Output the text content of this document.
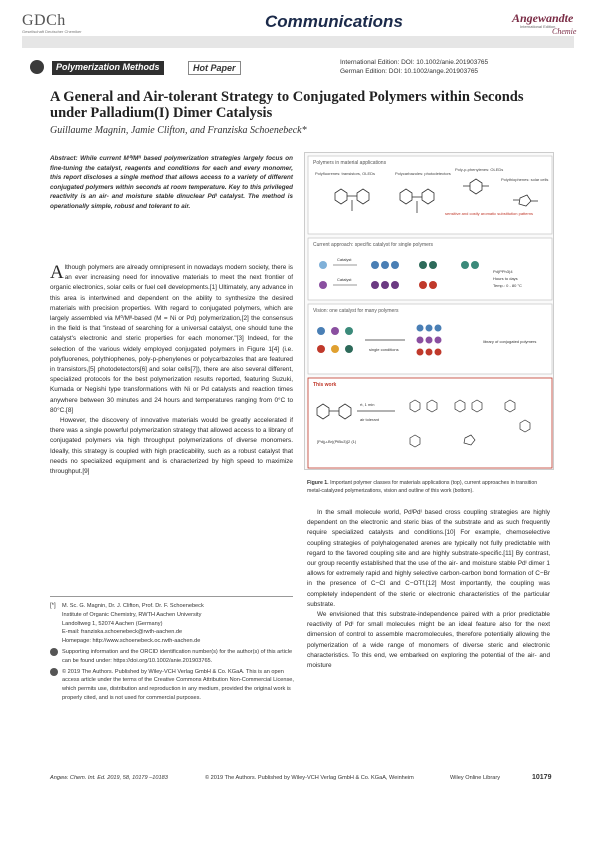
GDCh
Gesellschaft Deutscher Chemiker
Communications	Angewandte
International Edition
Chemie
Polymerization Methods	Hot Paper
International Edition: DOI: 10.1002/anie.201903765
German Edition: DOI: 10.1002/ange.201903765
A General and Air-tolerant Strategy to Conjugated Polymers within Seconds under Palladium(I) Dimer Catalysis
Guillaume Magnin, Jamie Clifton, and Franziska Schoenebeck*
Abstract: While current M⁰/Mᴵᴵ based polymerization strategies largely focus on fine-tuning the catalyst, reagents and conditions for each and every monomer, this report discloses a single method that allows access to a variety of different conjugated polymers within seconds at room temperature. Key to this privileged reactivity is an air- and moisture stable dinuclear Pdᴵ catalyst. The method is operationally simple, robust and tolerant to air.

Although polymers are already omnipresent in nowadays modern society, there is an ever increasing need for innovative materials to meet the next frontier of organic electronics, solar cells or fuel cell developments.[1] Ultimately, any advance in this area is intertwined and dependent on the ability to synthesize the desired materials with precision properties. With regard to conjugated polymers, which are largely assembled via M⁰/Mᴵᴵ-based (M = Ni or Pd) polymerization,[2] the consensus in the field is that "instead of searching for a universal catalyst, one should tune the catalyst's electronic and steric properties for each monomer."[3] Indeed, for the selection of the various widely employed conjugated polymers in Figure 1[4] (i.e. polyfluorenes, polythiophenes, poly-p-phenylenes or polycarbazoles that are featured in transistors,[5] photodetectors[6] and solar cells[7]), there are also several different, specialized protocols for the best polymerization results reported, featuring Suzuki, Kumada or Negishi type transformations with Ni or Pd catalysts and reaction times anywhere between 30 minutes and 24 hours and temperatures ranging from 0°C to 80°C.[8]

However, the discovery of innovative materials would be greatly accelerated if there was a single powerful polymerization strategy that allowed access to a library of conjugated polymers via high throughput polymerizations of diverse monomers. Ideally, this strategy is coupled with high practicability, such as a robust catalyst that needs no specialized equipment and is characterized by high speed to maximize throughput.[9]

Polymers in material applications
Polyfluorenes: transistors, OLEDs	Polycarbazoles: photodetectors
Poly-p-phenylenes: OLEDs
Polythiophenes: solar cells
sensitive and costly aromatic substitution patterns
Current approach: specific catalyst for single polymers
Catalyst
Catalyst
Pd(PPh3)4
Hours to days
Temp.: 0 - 80 °C
Vision: one catalyst for many polymers
single conditions
library of conjugated polymers
This work
rt, 1 min
air tolerant
[Pd(μ-Br)(PtBu3)]2 (1)
Figure 1. Important polymer classes for materials applications (top), current approaches in transition metal-catalyzed polymerizations, vision and outline of this work (bottom).

In the small molecule world, PdᴵPdᴵ based cross coupling strategies are highly dependent on the electronic and steric bias of the substrate and as such frequently require specialized catalysts and conditions.[10] For example, chemoselective coupling strategies of polyhalogenated arenes are typically not fully predictable with regard to the favored coupling site and are highly substrate-specific.[11] By contrast, our group recently established that the use of the air- and moisture stable Pdᴵ dimer 1 allows for extremely rapid and highly selective carbon-carbon bond formation of C−Br in the presence of C−Cl and C−OTf.[12] Most importantly, the coupling was completely independent of the steric or electronic characteristics of the particular substrate.

We envisioned that this substrate-independence paired with a prior predictable reactivity of Pdᴵ for small molecules might be an ideal feature also for the next dimension of control to assemble macromolecules, therefore potentially allowing the polymerization of a wide range of monomers of diverse steric and electronic characteristics. To this end, we embarked on exploring the potential of the air- and moisture

[*] M. Sc. G. Magnin, Dr. J. Clifton, Prof. Dr. F. Schoenebeck
Institute of Organic Chemistry, RWTH Aachen University
Landoltweg 1, 52074 Aachen (Germany)
E-mail: franziska.schoenebeck@rwth-aachen.de
Homepage: http://www.schoenebeck.oc.rwth-aachen.de
Supporting information and the ORCID identification number(s) for the author(s) of this article can be found under: https://doi.org/10.1002/anie.201903765.
© 2019 The Authors. Published by Wiley-VCH Verlag GmbH & Co. KGaA. This is an open access article under the terms of the Creative Commons Attribution Non-Commercial License, which permits use, distribution and reproduction in any medium, provided the original work is properly cited, and is not used for commercial purposes.
Angew. Chem. Int. Ed. 2019, 58, 10179 –10183	© 2019 The Authors. Published by Wiley-VCH Verlag GmbH & Co. KGaA, Weinheim	Wiley Online Library	10179
